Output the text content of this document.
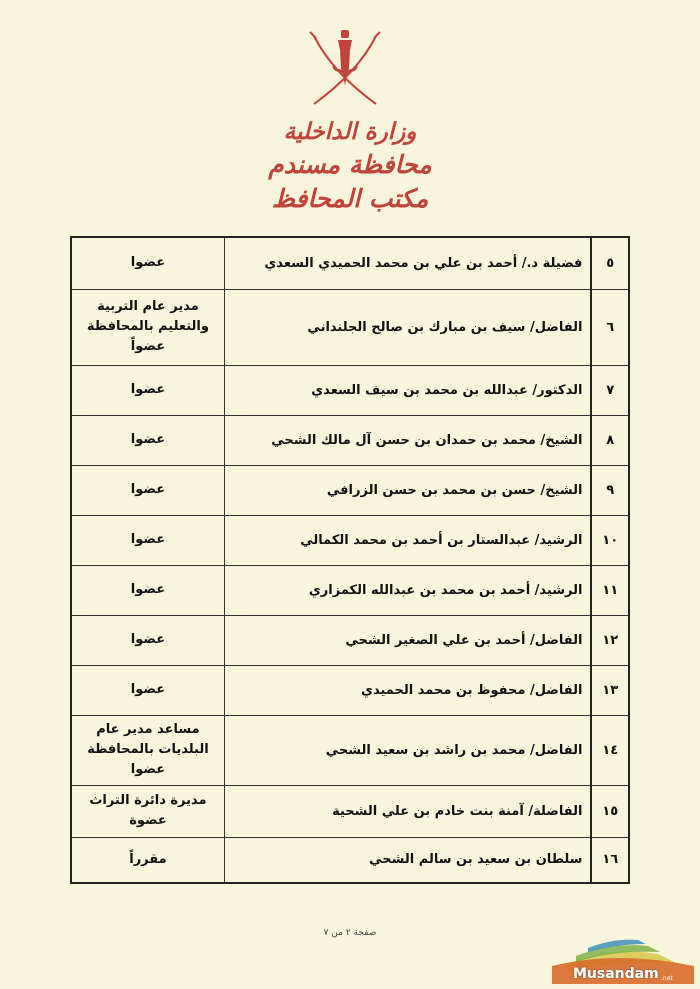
وزارة الداخلية
محافظة مسندم
مكتب المحافظ
٥	فضيلة د./ أحمد بن علي بن محمد الحميدي السعدي	عضوا

٦	الفاضل/ سيف بن مبارك بن صالح الجلنداني	مدير عام التربية
والتعليم بالمحافظة
عضواً

٧	الدكتور/ عبدالله بن محمد بن سيف السعدي	عضوا

٨	الشيخ/ محمد بن حمدان بن حسن آل مالك الشحي	عضوا

٩	الشيخ/ حسن بن محمد بن حسن الزرافي	عضوا

١٠	الرشيد/ عبدالستار بن أحمد بن محمد الكمالي	عضوا

١١	الرشيد/ أحمد بن محمد بن عبدالله الكمزاري	عضوا

١٢	الفاضل/ أحمد بن علي الصغير الشحي	عضوا

١٣	الفاضل/ محفوظ بن محمد الحميدي	عضوا

١٤	الفاضل/ محمد بن راشد بن سعيد الشحي	مساعد مدير عام
البلديات بالمحافظة
عضوا

١٥	الفاضلة/ آمنة بنت خادم بن علي الشحية	مديرة دائرة التراث
عضوة

١٦	سلطان بن سعيد بن سالم الشحي	مقرراً
صفحة ٢ من ٧
Musandam .net
